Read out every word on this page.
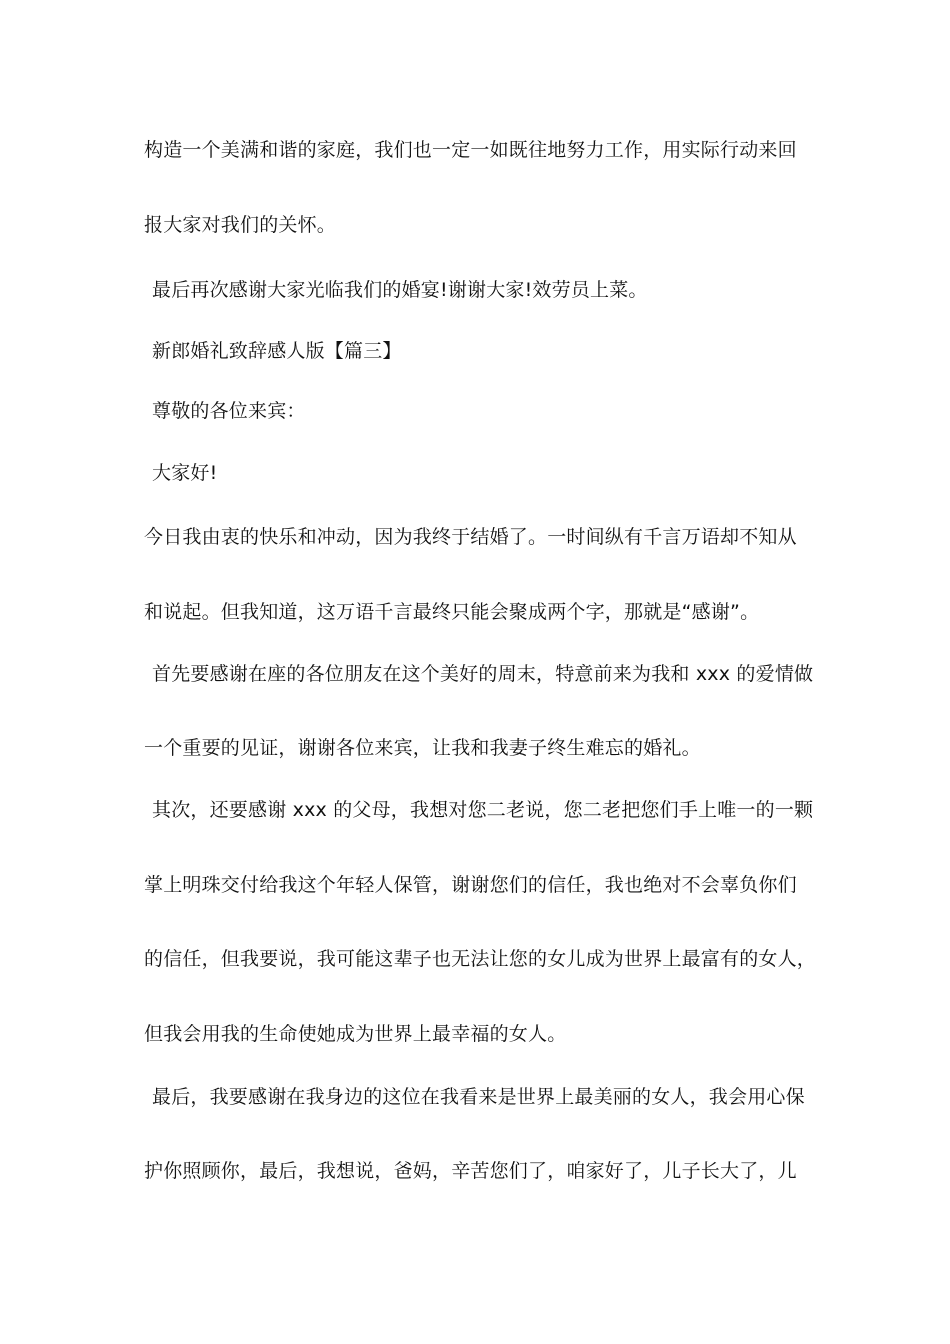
构造一个美满和谐的家庭，我们也一定一如既往地努力工作，用实际行动来回
报大家对我们的关怀。
最后再次感谢大家光临我们的婚宴!谢谢大家!效劳员上菜。
新郎婚礼致辞感人版【篇三】
尊敬的各位来宾：
大家好!
今日我由衷的快乐和冲动，因为我终于结婚了。一时间纵有千言万语却不知从
和说起。但我知道，这万语千言最终只能会聚成两个字，那就是“感谢”。
首先要感谢在座的各位朋友在这个美好的周末，特意前来为我和 xxx 的爱情做
一个重要的见证，谢谢各位来宾，让我和我妻子终生难忘的婚礼。
其次，还要感谢 xxx 的父母，我想对您二老说，您二老把您们手上唯一的一颗
掌上明珠交付给我这个年轻人保管，谢谢您们的信任，我也绝对不会辜负你们
的信任，但我要说，我可能这辈子也无法让您的女儿成为世界上最富有的女人，
但我会用我的生命使她成为世界上最幸福的女人。
最后，我要感谢在我身边的这位在我看来是世界上最美丽的女人，我会用心保
护你照顾你，最后，我想说，爸妈，辛苦您们了，咱家好了，儿子长大了，儿
